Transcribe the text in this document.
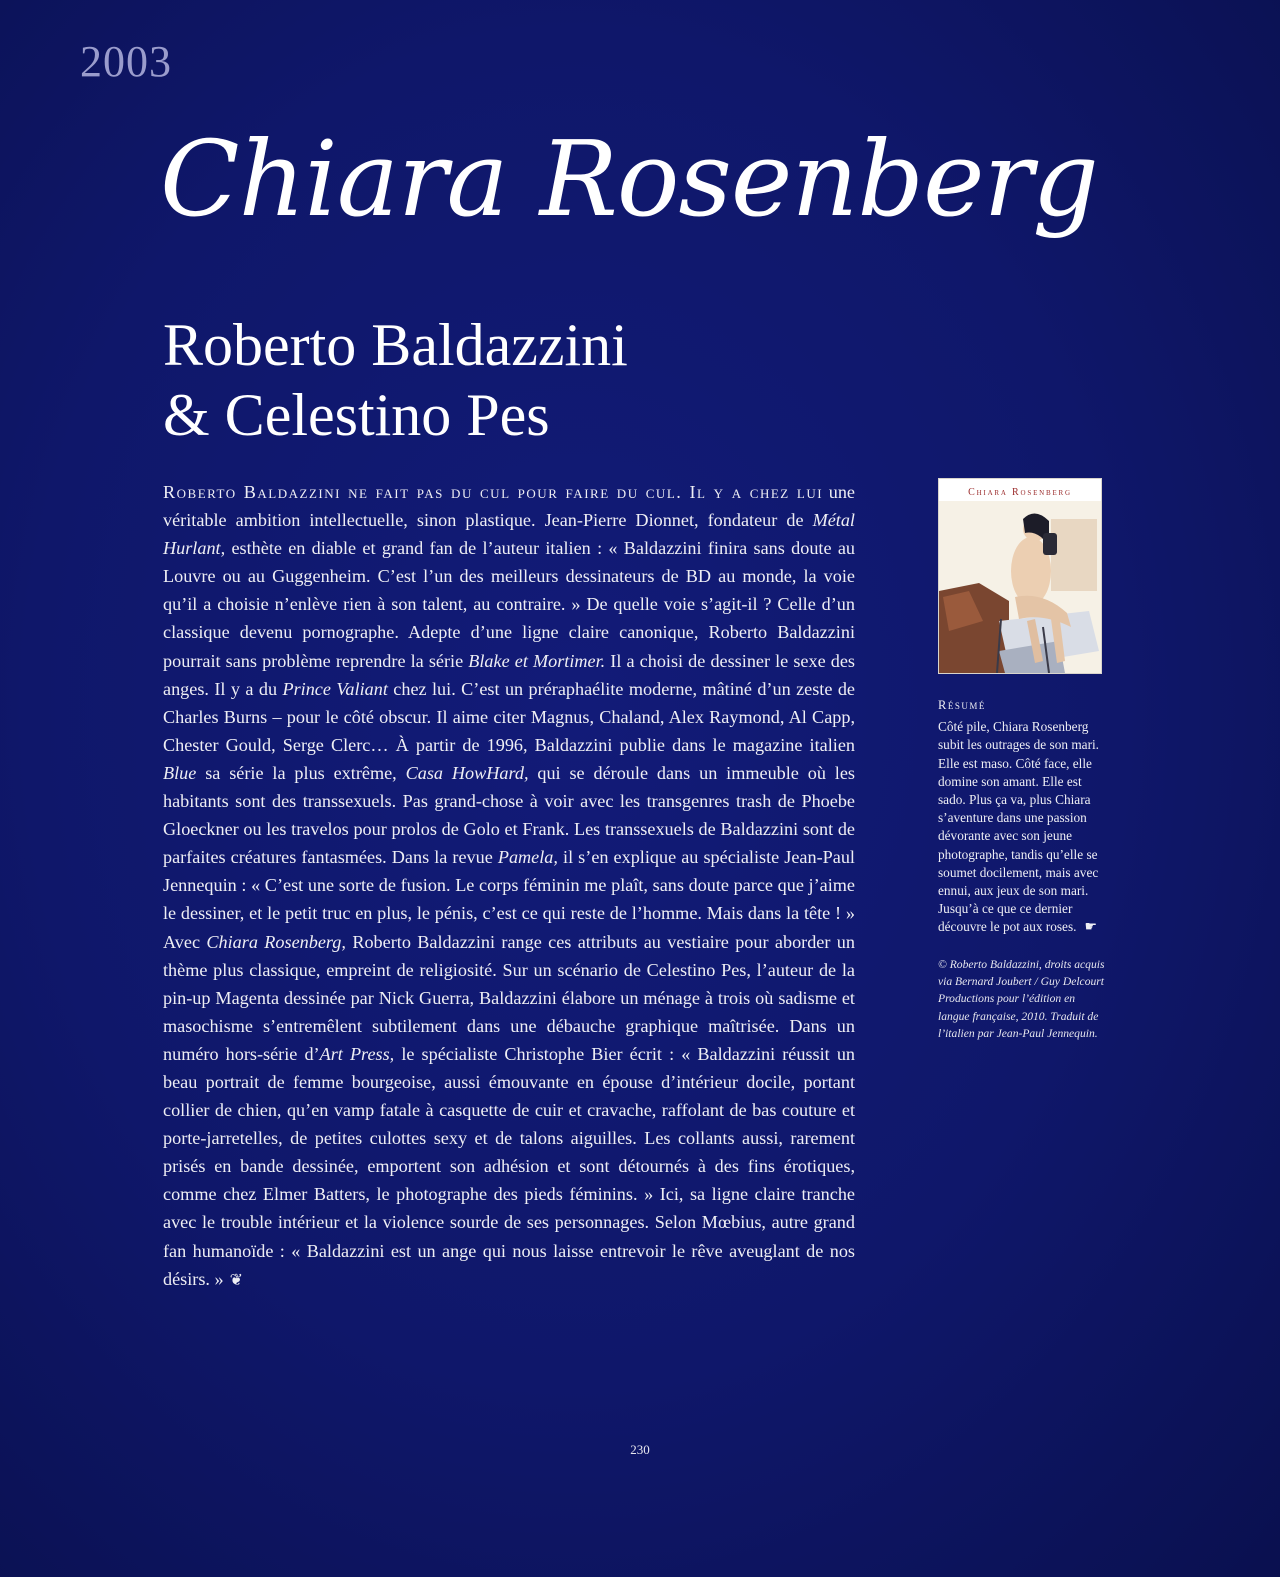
2003
Chiara Rosenberg
Roberto Baldazzini
& Celestino Pes

Roberto Baldazzini ne fait pas du cul pour faire du cul. Il y a chez lui une véritable ambition intellectuelle, sinon plastique. Jean-Pierre Dionnet, fondateur de Métal Hurlant, esthète en diable et grand fan de l’auteur italien : « Baldazzini finira sans doute au Louvre ou au Guggenheim. C’est l’un des meilleurs dessinateurs de BD au monde, la voie qu’il a choisie n’enlève rien à son talent, au contraire. » De quelle voie s’agit-il ? Celle d’un classique devenu pornographe. Adepte d’une ligne claire canonique, Roberto Baldazzini pourrait sans problème reprendre la série Blake et Mortimer. Il a choisi de dessiner le sexe des anges. Il y a du Prince Valiant chez lui. C’est un préraphaélite moderne, mâtiné d’un zeste de Charles Burns – pour le côté obscur. Il aime citer Magnus, Chaland, Alex Raymond, Al Capp, Chester Gould, Serge Clerc… À partir de 1996, Baldazzini publie dans le magazine italien Blue sa série la plus extrême, Casa HowHard, qui se déroule dans un immeuble où les habitants sont des transsexuels. Pas grand-chose à voir avec les transgenres trash de Phoebe Gloeckner ou les travelos pour prolos de Golo et Frank. Les transsexuels de Baldazzini sont de parfaites créatures fantasmées. Dans la revue Pamela, il s’en explique au spécialiste Jean-Paul Jennequin : « C’est une sorte de fusion. Le corps féminin me plaît, sans doute parce que j’aime le dessiner, et le petit truc en plus, le pénis, c’est ce qui reste de l’homme. Mais dans la tête ! » Avec Chiara Rosenberg, Roberto Baldazzini range ces attributs au vestiaire pour aborder un thème plus classique, empreint de religiosité. Sur un scénario de Celestino Pes, l’auteur de la pin-up Magenta dessinée par Nick Guerra, Baldazzini élabore un ménage à trois où sadisme et masochisme s’entremêlent subtilement dans une débauche graphique maîtrisée. Dans un numéro hors-série d’Art Press, le spécialiste Christophe Bier écrit : « Baldazzini réussit un beau portrait de femme bourgeoise, aussi émouvante en épouse d’intérieur docile, portant collier de chien, qu’en vamp fatale à casquette de cuir et cravache, raffolant de bas couture et porte-jarretelles, de petites culottes sexy et de talons aiguilles. Les collants aussi, rarement prisés en bande dessinée, emportent son adhésion et sont détournés à des fins érotiques, comme chez Elmer Batters, le photographe des pieds féminins. » Ici, sa ligne claire tranche avec le trouble intérieur et la violence sourde de ses personnages. Selon Mœbius, autre grand fan humanoïde : « Baldazzini est un ange qui nous laisse entrevoir le rêve aveuglant de nos désirs. » ❦

Chiara Rosenberg
Résumé

Côté pile, Chiara Rosenberg subit les outrages de son mari. Elle est maso. Côté face, elle domine son amant. Elle est sado. Plus ça va, plus Chiara s’aventure dans une passion dévorante avec son jeune photographe, tandis qu’elle se soumet docilement, mais avec ennui, aux jeux de son mari. Jusqu’à ce que ce dernier découvre le pot aux roses. ☛

© Roberto Baldazzini, droits acquis via Bernard Joubert / Guy Delcourt Productions pour l’édition en langue française, 2010. Traduit de l’italien par Jean-Paul Jennequin.
230
